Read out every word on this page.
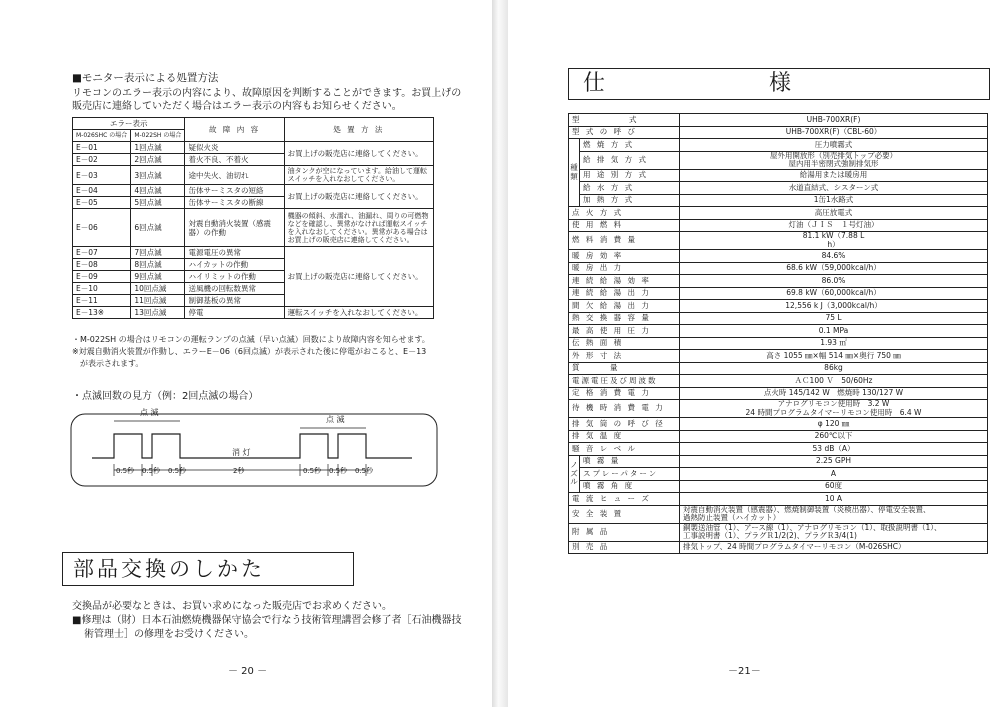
■モニター表示による処置方法
リモコンのエラー表示の内容により、故障原因を判断することができます。お買上げの
販売店に連絡していただく場合はエラー表示の内容もお知らせください。
エラー表示		故 障 内 容	処 置 方 法
M-026SHC の場合	M-022SH の場合		
E－01	1回点滅	疑似火炎	お買上げの販売店に連絡してください。
E－02	2回点滅	着火不良、不着火	
E－03	3回点滅	途中失火、油切れ	油タンクが空になっています。給油して運転スイッチを入れなおしてください。
E－04	4回点滅	缶体サーミスタの短絡	お買上げの販売店に連絡してください。
E－05	5回点滅	缶体サーミスタの断線	
E－06	6回点滅	対震自動消火装置（感震器）の作動	機器の傾斜、水濡れ、油漏れ、周りの可燃物などを確認し、異常がなければ運転スイッチを入れなおしてください。異常がある場合はお買上げの販売店に連絡してください。
E－07	7回点滅	電源電圧の異常	お買上げの販売店に連絡してください。
E－08	8回点滅	ハイカットの作動	
E－09	9回点滅	ハイリミットの作動	
E－10	10回点滅	送風機の回転数異常	
E－11	11回点滅	制御基板の異常	
E－13※	13回点滅	停電	運転スイッチを入れなおしてください。
・M-022SH の場合はリモコンの運転ランプの点滅（早い点滅）回数により故障内容を知らせます。
※対震自動消火装置が作動し、エラーE－06（6回点滅）が表示された後に停電がおこると、E－13
が表示されます。
・点滅回数の見方（例：2回点滅の場合）
点 滅
点 滅
消 灯
0.5秒 0.5秒 0.5秒	2秒	0.5秒 0.5秒 0.5秒
部品交換のしかた
交換品が必要なときは、お買い求めになった販売店でお求めください。
■修理は（財）日本石油燃焼機器保守協会で行なう技術管理講習会修了者［石油機器技
術管理士］の修理をお受けください。
－ 20 －
仕　　様
型　　　　　式		UHB-700XR(F)
型 式 の 呼 び		UHB-700XR(F)（CBL-60）
種類	燃 焼 方 式	圧力噴霧式
	給 排 気 方 式	屋外用開放形（別売排気トップ必要）
屋内用半密閉式強制排気形
	用 途 別 方 式	給湯用または暖房用
	給 水 方 式	水道直結式、シスターン式
	加 熱 方 式	1缶1水路式
点 火 方 式		高圧放電式
使 用 燃 料		灯油（ＪＩＳ　１号灯油）
燃 料 消 費 量		81.1 kW（7.88 L
h）
暖 房 効 率		84.6%
暖 房 出 力		68.6 kW（59,000kcal/h）
連 続 給 湯 効 率		86.0%
連 続 給 湯 出 力		69.8 kW（60,000kcal/h）
間 欠 給 湯 出 力		12,556 k J（3,000kcal/h）
熱 交 換 器 容 量		75 L
最 高 使 用 圧 力		0.1 MPa
伝 熱 面 積		1.93 ㎡
外 形 寸 法		高さ 1055 ㎜×幅 514 ㎜×奥行 750 ㎜
質　　　量		86kg
電源電圧及び周波数		ＡＣ100 Ｖ　50/60Hz
定 格 消 費 電 力		点火時 145/142 W　燃焼時 130/127 W
待 機 時 消 費 電 力		アナログリモコン使用時　3.2 W
24 時間プログラムタイマーリモコン使用時　6.4 W
排 気 筒 の 呼 び 径		φ 120 ㎜
排 気 温 度		260℃以下
騒 音 レ ベ ル		53 dB（A）
ノズル	噴 霧 量	2.25 GPH
	スプレーパターン	A
	噴 霧 角 度	60度
電 流 ヒ ュ ー ズ		10 A
安 全 装 置		対震自動消火装置（感震器）、燃焼制御装置（炎検出器）、停電安全装置、
過熱防止装置（ハイカット）
附 属 品		銅製送油管（1）、アース線（1）、アナログリモコン（1）、取扱説明書（1）、
工事説明書（1）、プラグＲ1/2(2)、プラグＲ3/4(1)
別 売 品		排気トップ、24 時間プログラムタイマーリモコン（M-026SHC）
－21－
